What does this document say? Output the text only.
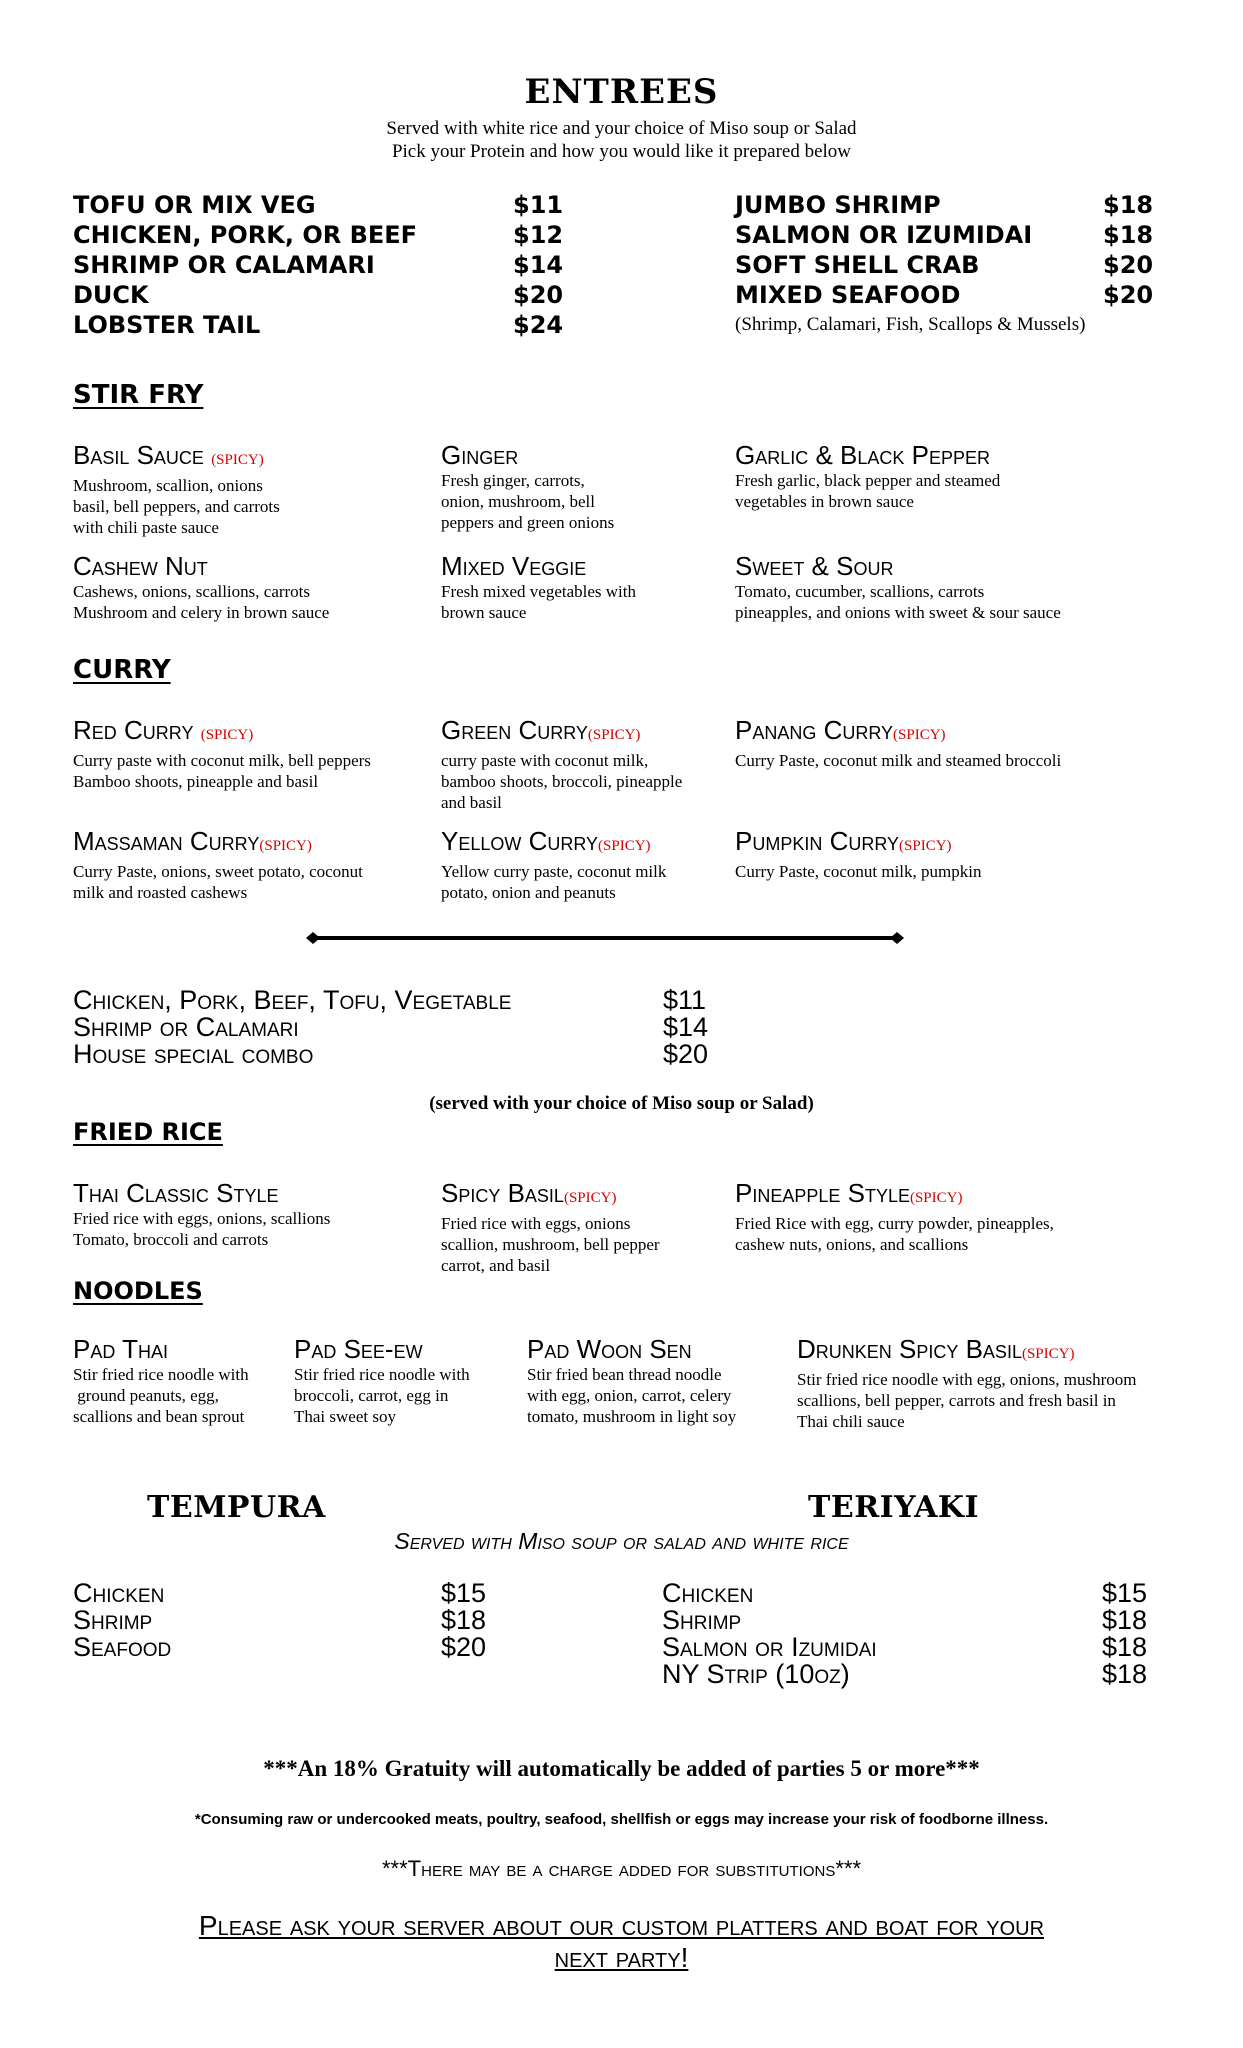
ENTREES
Served with white rice and your choice of Miso soup or Salad
Pick your Protein and how you would like it prepared below
TOFU OR MIX VEG	$11
CHICKEN, PORK, OR BEEF	$12
SHRIMP OR CALAMARI	$14
DUCK	$20
LOBSTER TAIL	$24
JUMBO SHRIMP	$18
SALMON OR IZUMIDAI	$18
SOFT SHELL CRAB	$20
MIXED SEAFOOD	$20
(Shrimp, Calamari, Fish, Scallops & Mussels)
STIR FRY
Basil Sauce (SPICY)
Mushroom, scallion, onions
basil, bell peppers, and carrots
with chili paste sauce
Ginger
Fresh ginger, carrots,
onion, mushroom, bell
peppers and green onions
Garlic & Black Pepper
Fresh garlic, black pepper and steamed
vegetables in brown sauce
Cashew Nut
Cashews, onions, scallions, carrots
Mushroom and celery in brown sauce
Mixed Veggie
Fresh mixed vegetables with
brown sauce
Sweet & Sour
Tomato, cucumber, scallions, carrots
pineapples, and onions with sweet & sour sauce
CURRY
Red Curry (SPICY)
Curry paste with coconut milk, bell peppers
Bamboo shoots, pineapple and basil
Green Curry(SPICY)
curry paste with coconut milk,
bamboo shoots, broccoli, pineapple
and basil
Panang Curry(SPICY)
Curry Paste, coconut milk and steamed broccoli
Massaman Curry(SPICY)
Curry Paste, onions, sweet potato, coconut
milk and roasted cashews
Yellow Curry(SPICY)
Yellow curry paste, coconut milk
potato, onion and peanuts
Pumpkin Curry(SPICY)
Curry Paste, coconut milk, pumpkin
Chicken, Pork, Beef, Tofu, Vegetable	$11
Shrimp or Calamari	$14
House special combo	$20
(served with your choice of Miso soup or Salad)
FRIED RICE
Thai Classic Style
Fried rice with eggs, onions, scallions
Tomato, broccoli and carrots
Spicy Basil(SPICY)
Fried rice with eggs, onions
scallion, mushroom, bell pepper
carrot, and basil
Pineapple Style(SPICY)
Fried Rice with egg, curry powder, pineapples,
cashew nuts, onions, and scallions
NOODLES
Pad Thai
Stir fried rice noodle with
ground peanuts, egg,
scallions and bean sprout
Pad See-ew
Stir fried rice noodle with
broccoli, carrot, egg in
Thai sweet soy
Pad Woon Sen
Stir fried bean thread noodle
with egg, onion, carrot, celery
tomato, mushroom in light soy
Drunken Spicy Basil(SPICY)
Stir fried rice noodle with egg, onions, mushroom
scallions, bell pepper, carrots and fresh basil in
Thai chili sauce
TEMPURA	TERIYAKI
Served with Miso soup or salad and white rice
Chicken	$15
Shrimp	$18
Seafood	$20
Chicken	$15
Shrimp	$18
Salmon or Izumidai	$18
NY Strip (10oz)	$18
***An 18% Gratuity will automatically be added of parties 5 or more***
*Consuming raw or undercooked meats, poultry, seafood, shellfish or eggs may increase your risk of foodborne illness.
***There may be a charge added for substitutions***
Please ask your server about our custom platters and boat for your
next party!
